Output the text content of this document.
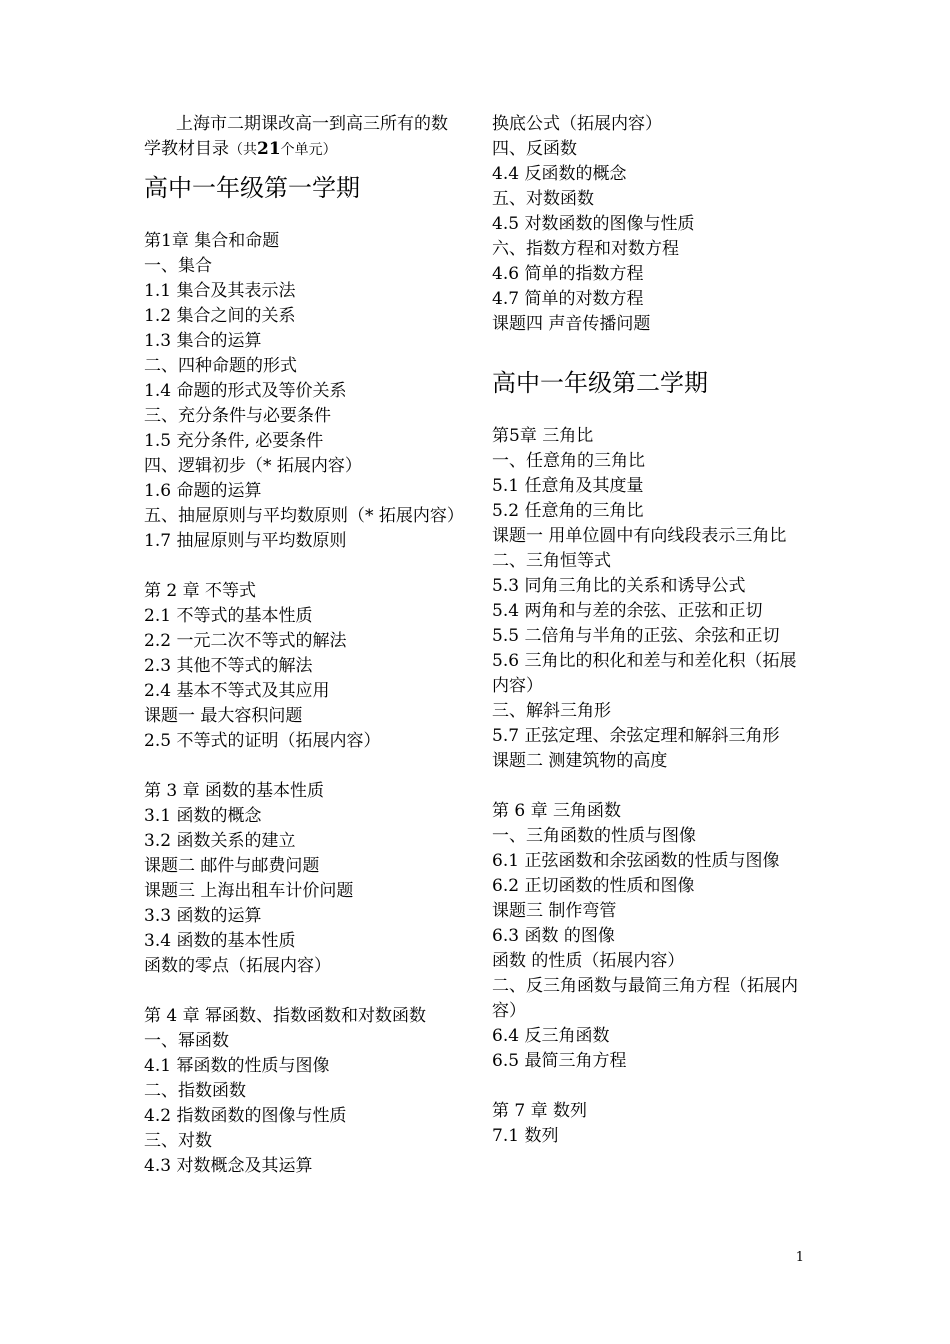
上海市二期课改高一到高三所有的数学教材目录（共21个单元）
高中一年级第一学期
第1章 集合和命题
一、集合
1.1 集合及其表示法
1.2 集合之间的关系
1.3 集合的运算
二、四种命题的形式
1.4 命题的形式及等价关系
三、充分条件与必要条件
1.5 充分条件, 必要条件
四、逻辑初步（* 拓展内容）
1.6 命题的运算
五、抽屉原则与平均数原则（* 拓展内容）
1.7 抽屉原则与平均数原则
第 2 章 不等式
2.1 不等式的基本性质
2.2 一元二次不等式的解法
2.3 其他不等式的解法
2.4 基本不等式及其应用
课题一 最大容积问题
2.5 不等式的证明（拓展内容）
第 3 章 函数的基本性质
3.1 函数的概念
3.2 函数关系的建立
课题二 邮件与邮费问题
课题三 上海出租车计价问题
3.3 函数的运算
3.4 函数的基本性质
函数的零点（拓展内容）
第 4 章 幂函数、指数函数和对数函数
一、幂函数
4.1 幂函数的性质与图像
二、指数函数
4.2 指数函数的图像与性质
三、对数
4.3 对数概念及其运算
换底公式（拓展内容）
四、反函数
4.4 反函数的概念
五、对数函数
4.5 对数函数的图像与性质
六、指数方程和对数方程
4.6 简单的指数方程
4.7 简单的对数方程
课题四 声音传播问题
高中一年级第二学期
第5章 三角比
一、任意角的三角比
5.1 任意角及其度量
5.2 任意角的三角比
课题一 用单位圆中有向线段表示三角比
二、三角恒等式
5.3 同角三角比的关系和诱导公式
5.4 两角和与差的余弦、正弦和正切
5.5 二倍角与半角的正弦、余弦和正切
5.6 三角比的积化和差与和差化积（拓展内容）
三、解斜三角形
5.7 正弦定理、余弦定理和解斜三角形
课题二 测建筑物的高度
第 6 章 三角函数
一、三角函数的性质与图像
6.1 正弦函数和余弦函数的性质与图像
6.2 正切函数的性质和图像
课题三 制作弯管
6.3 函数 的图像
函数 的性质（拓展内容）
二、反三角函数与最简三角方程（拓展内容）
6.4 反三角函数
6.5 最简三角方程
第 7 章 数列
7.1 数列
1
